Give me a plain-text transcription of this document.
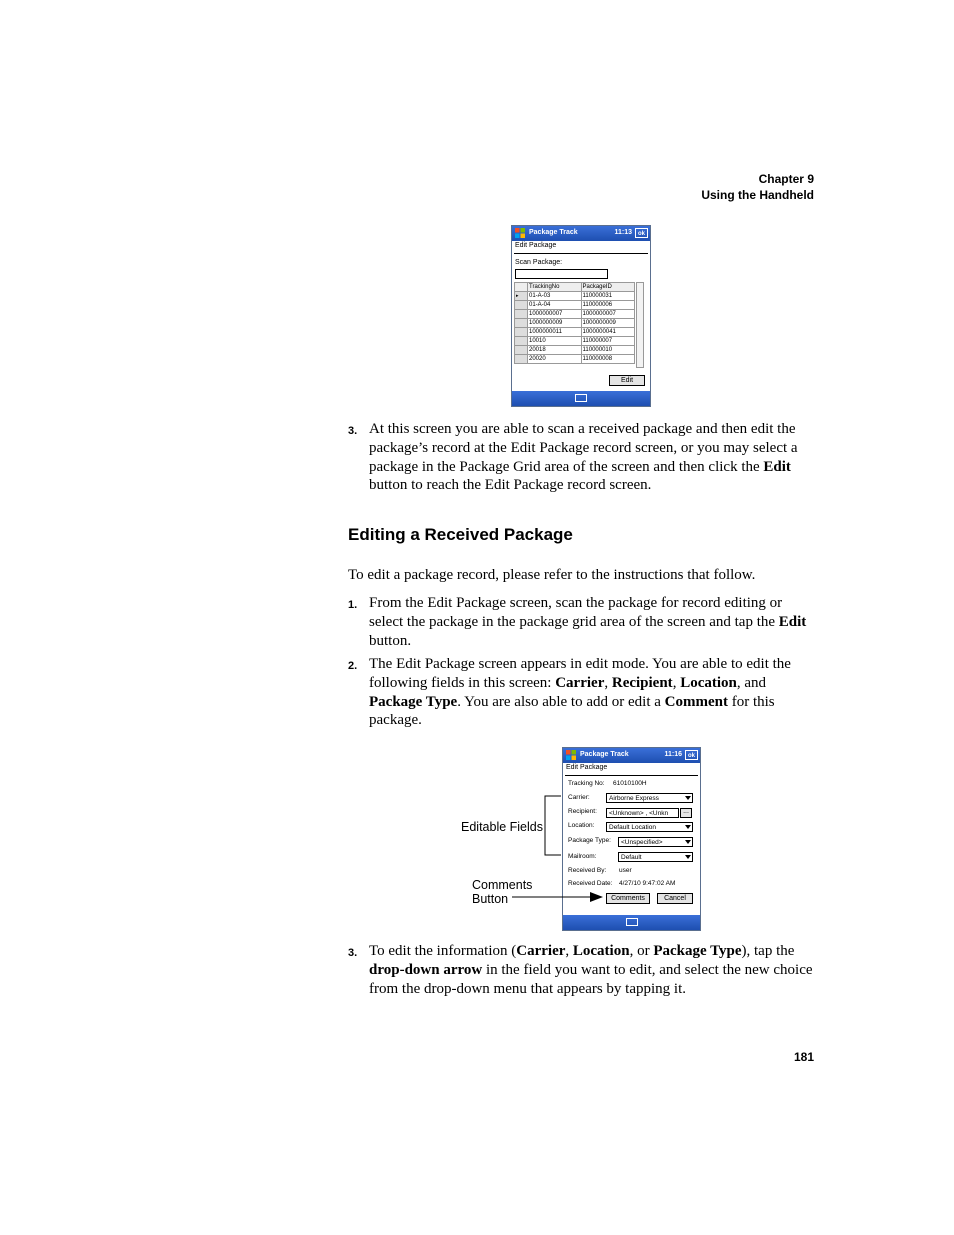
Chapter 9
Using the Handheld
Package Track	11:13 ok
Edit Package
Scan Package:
	TrackingNo	PackageID
▸	01-A-03	110000031
	01-A-04	110000006
	1000000007	1000000007
	1000000009	1000000009
	1000000011	1000000041
	10010	110000007
	20018	110000010
	20020	110000008
Edit
3. At this screen you are able to scan a received package and then edit the package’s record at the Edit Package record screen, or you may select a package in the Package Grid area of the screen and then click the Edit button to reach the Edit Package record screen.
Editing a Received Package
To edit a package record, please refer to the instructions that follow.
1. From the Edit Package screen, scan the package for record editing or select the package in the package grid area of the screen and tap the Edit button.
2. The Edit Package screen appears in edit mode. You are able to edit the following fields in this screen: Carrier, Recipient, Location, and Package Type. You are also able to add or edit a Comment for this package.
Package Track	11:16 ok
Edit Package
Tracking No: 61010100H
Carrier:	Airborne Express
Recipient:	<Unknown> , <Unkn	...
Location:	Default Location
Package Type:	<Unspecified>
Mailroom:	Default
Received By: user
Received Date: 4/27/10 9:47:02 AM
Comments	Cancel
Editable Fields
Comments
Button
3. To edit the information (Carrier, Location, or Package Type), tap the drop-down arrow in the field you want to edit, and select the new choice from the drop-down menu that appears by tapping it.
181
